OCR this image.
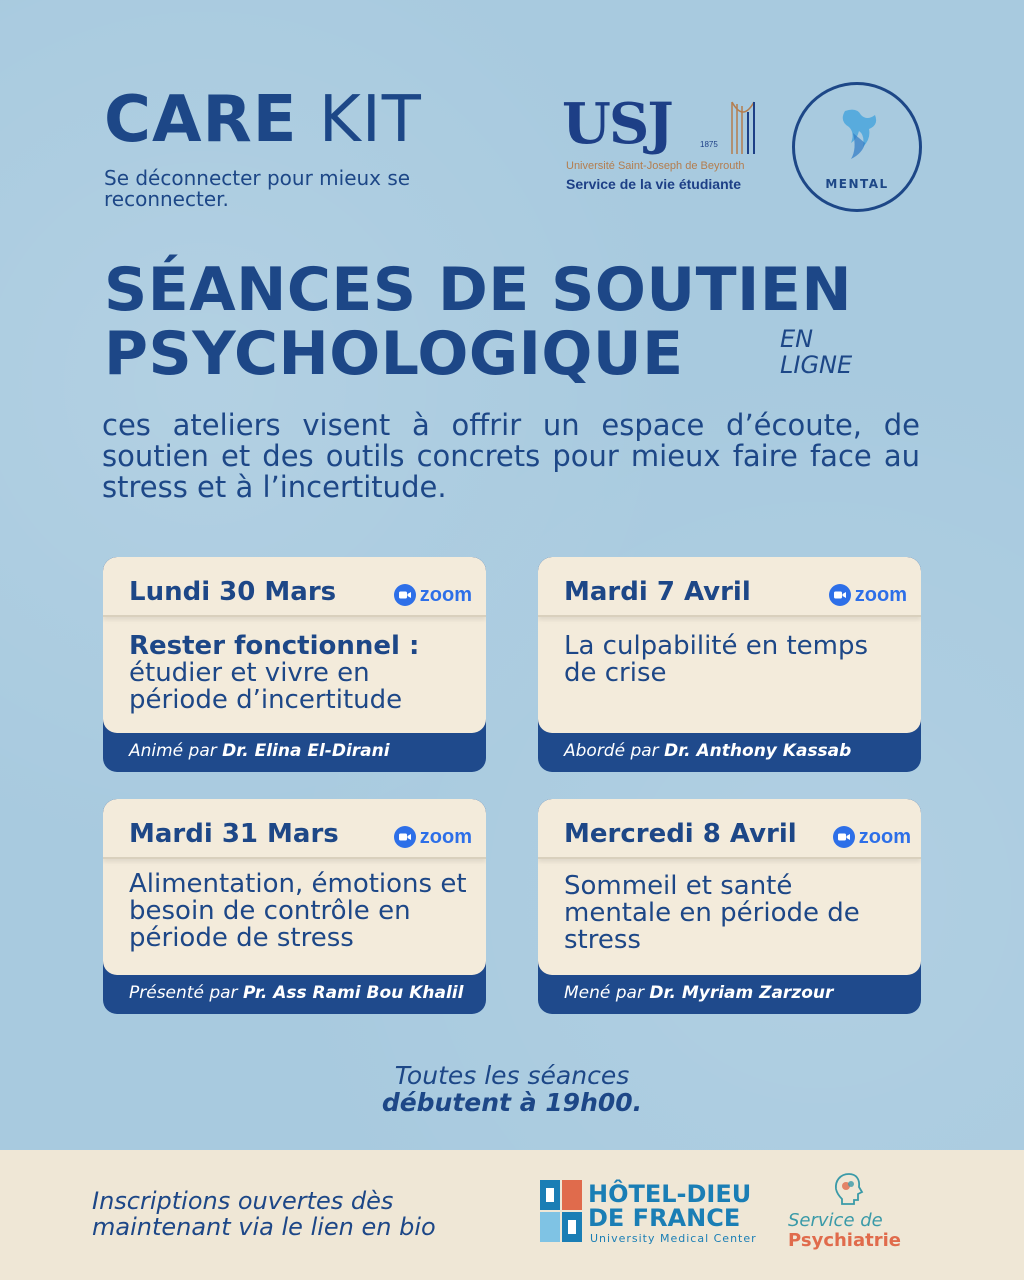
CARE KIT
Se déconnecter pour mieux se reconnecter.
USJ	1875
Université Saint-Joseph de Beyrouth
Service de la vie étudiante	MENTAL
SÉANCES DE SOUTIEN
PSYCHOLOGIQUE	EN LIGNE

ces ateliers visent à offrir un espace d’écoute, de soutien et des outils concrets pour mieux faire face au stress et à l’incertitude.

Lundi 30 Mars	zoom
Rester fonctionnel :
étudier et vivre en période d’incertitude
Animé par Dr. Elina El-Dirani
Mardi 7 Avril	zoom
La culpabilité en temps de crise
Abordé par Dr. Anthony Kassab
Mardi 31 Mars	zoom
Alimentation, émotions et besoin de contrôle en période de stress
Présenté par Pr. Ass Rami Bou Khalil
Mercredi 8 Avril	zoom
Sommeil et santé mentale en période de stress
Mené par Dr. Myriam Zarzour
Toutes les séances
débutent à 19h00.
Inscriptions ouvertes dès maintenant via le lien en bio
HÔTEL-DIEU
DE FRANCE
University Medical Center
Service de
Psychiatrie
